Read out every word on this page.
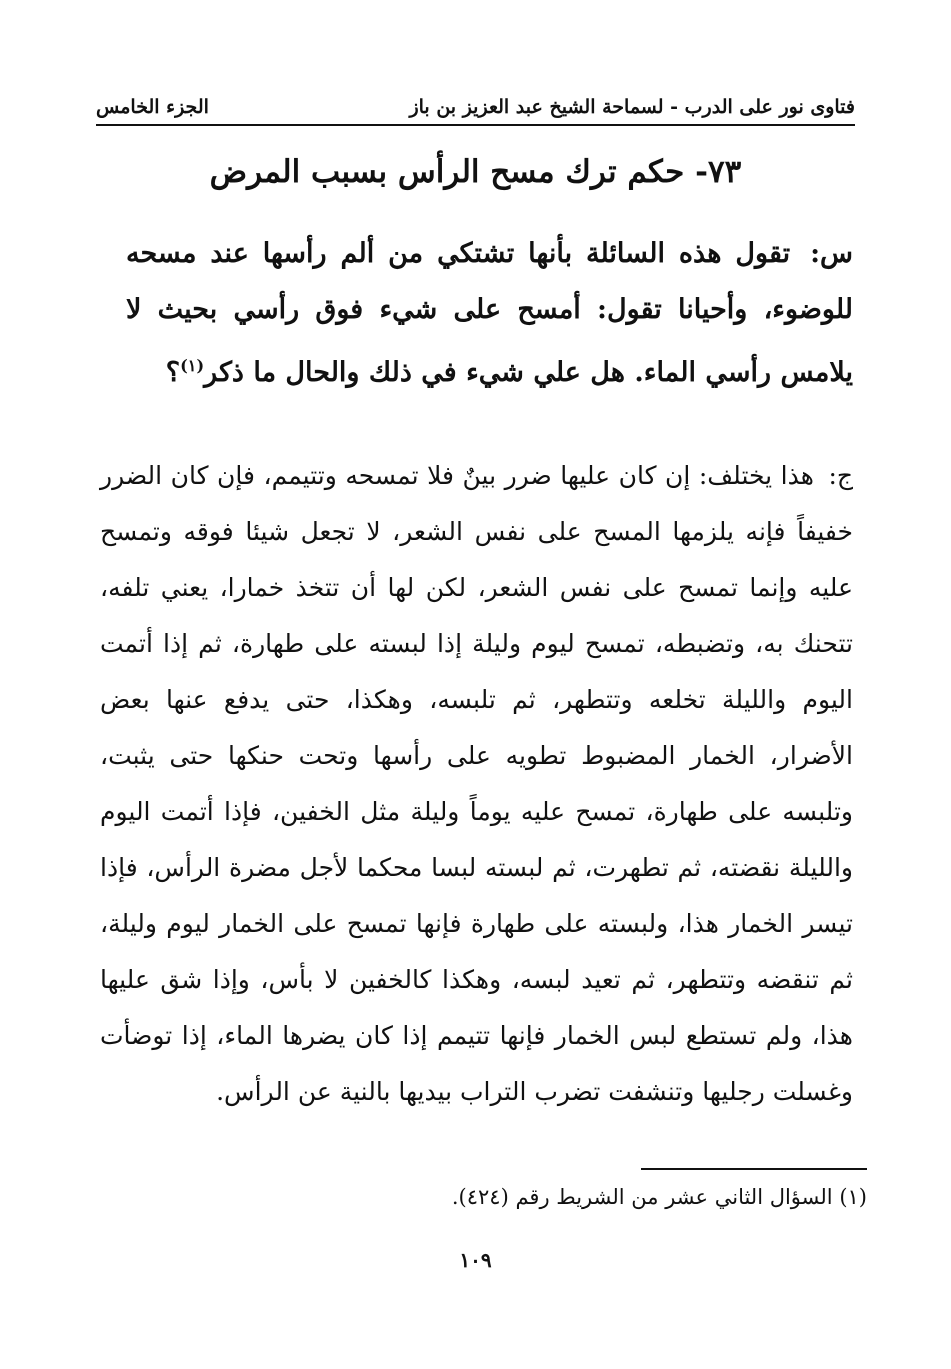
فتاوى نور على الدرب - لسماحة الشيخ عبد العزيز بن باز
الجزء الخامس
٧٣- حكم ترك مسح الرأس بسبب المرض
س: تقول هذه السائلة بأنها تشتكي من ألم رأسها عند مسحه للوضوء، وأحيانا تقول: أمسح على شيء فوق رأسي بحيث لا يلامس رأسي الماء. هل علي شيء في ذلك والحال ما ذكر$^{(١)}$؟
ج: هذا يختلف: إن كان عليها ضرر بينٌ فلا تمسحه وتتيمم، فإن كان الضرر خفيفاً فإنه يلزمها المسح على نفس الشعر، لا تجعل شيئا فوقه وتمسح عليه وإنما تمسح على نفس الشعر، لكن لها أن تتخذ خمارا، يعني تلفه، تتحنك به، وتضبطه، تمسح ليوم وليلة إذا لبسته على طهارة، ثم إذا أتمت اليوم والليلة تخلعه وتتطهر، ثم تلبسه، وهكذا، حتى يدفع عنها بعض الأضرار، الخمار المضبوط تطويه على رأسها وتحت حنكها حتى يثبت، وتلبسه على طهارة، تمسح عليه يوماً وليلة مثل الخفين، فإذا أتمت اليوم والليلة نقضته، ثم تطهرت، ثم لبسته لبسا محكما لأجل مضرة الرأس، فإذا تيسر الخمار هذا، ولبسته على طهارة فإنها تمسح على الخمار ليوم وليلة، ثم تنقضه وتتطهر، ثم تعيد لبسه، وهكذا كالخفين لا بأس، وإذا شق عليها هذا، ولم تستطع لبس الخمار فإنها تتيمم إذا كان يضرها الماء، إذا توضأت وغسلت رجليها وتنشفت تضرب التراب بيديها بالنية عن الرأس.
(١) السؤال الثاني عشر من الشريط رقم (٤٢٤).
١٠٩
